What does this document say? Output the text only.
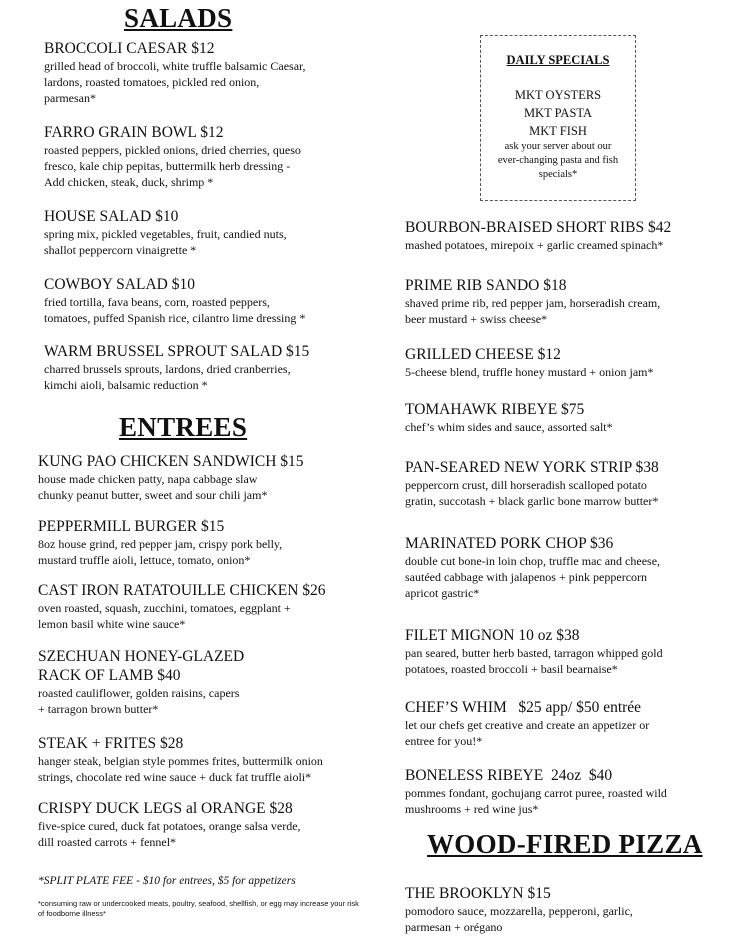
SALADS
BROCCOLI CAESAR $12
grilled head of broccoli, white truffle balsamic Caesar,
lardons, roasted tomatoes, pickled red onion,
parmesan*
FARRO GRAIN BOWL $12
roasted peppers, pickled onions, dried cherries, queso
fresco, kale chip pepitas, buttermilk herb dressing -
Add chicken, steak, duck, shrimp *
HOUSE SALAD $10
spring mix, pickled vegetables, fruit, candied nuts,
shallot peppercorn vinaigrette *
COWBOY SALAD $10
fried tortilla, fava beans, corn, roasted peppers,
tomatoes, puffed Spanish rice, cilantro lime dressing *
WARM BRUSSEL SPROUT SALAD $15
charred brussels sprouts, lardons, dried cranberries,
kimchi aioli, balsamic reduction *
ENTREES
KUNG PAO CHICKEN SANDWICH $15
house made chicken patty, napa cabbage slaw
chunky peanut butter, sweet and sour chili jam*
PEPPERMILL BURGER $15
8oz house grind, red pepper jam, crispy pork belly,
mustard truffle aioli, lettuce, tomato, onion*
CAST IRON RATATOUILLE CHICKEN $26
oven roasted, squash, zucchini, tomatoes, eggplant +
lemon basil white wine sauce*
SZECHUAN HONEY-GLAZED
RACK OF LAMB $40
roasted cauliflower, golden raisins, capers
+ tarragon brown butter*
STEAK + FRITES $28
hanger steak, belgian style pommes frites, buttermilk onion
strings, chocolate red wine sauce + duck fat truffle aioli*
CRISPY DUCK LEGS al ORANGE $28
five-spice cured, duck fat potatoes, orange salsa verde,
dill roasted carrots + fennel*
*SPLIT PLATE FEE - $10 for entrees, $5 for appetizers
*consuming raw or undercooked meats, poultry, seafood, shellfish, or egg may increase your risk
of foodborne illness*
DAILY SPECIALS
MKT OYSTERS
MKT PASTA
MKT FISH
ask your server about our
ever-changing pasta and fish
specials*
BOURBON-BRAISED SHORT RIBS $42
mashed potatoes, mirepoix + garlic creamed spinach*
PRIME RIB SANDO $18
shaved prime rib, red pepper jam, horseradish cream,
beer mustard + swiss cheese*
GRILLED CHEESE $12
5-cheese blend, truffle honey mustard + onion jam*
TOMAHAWK RIBEYE $75
chef’s whim sides and sauce, assorted salt*
PAN-SEARED NEW YORK STRIP $38
peppercorn crust, dill horseradish scalloped potato
gratin, succotash + black garlic bone marrow butter*
MARINATED PORK CHOP $36
double cut bone-in loin chop, truffle mac and cheese,
sautéed cabbage with jalapenos + pink peppercorn
apricot gastric*
FILET MIGNON 10 oz $38
pan seared, butter herb basted, tarragon whipped gold
potatoes, roasted broccoli + basil bearnaise*
CHEF’S WHIM   $25 app/ $50 entrée
let our chefs get creative and create an appetizer or
entree for you!*
BONELESS RIBEYE  24oz  $40
pommes fondant, gochujang carrot puree, roasted wild
mushrooms + red wine jus*
WOOD-FIRED PIZZA
THE BROOKLYN $15
pomodoro sauce, mozzarella, pepperoni, garlic,
parmesan + orégano
